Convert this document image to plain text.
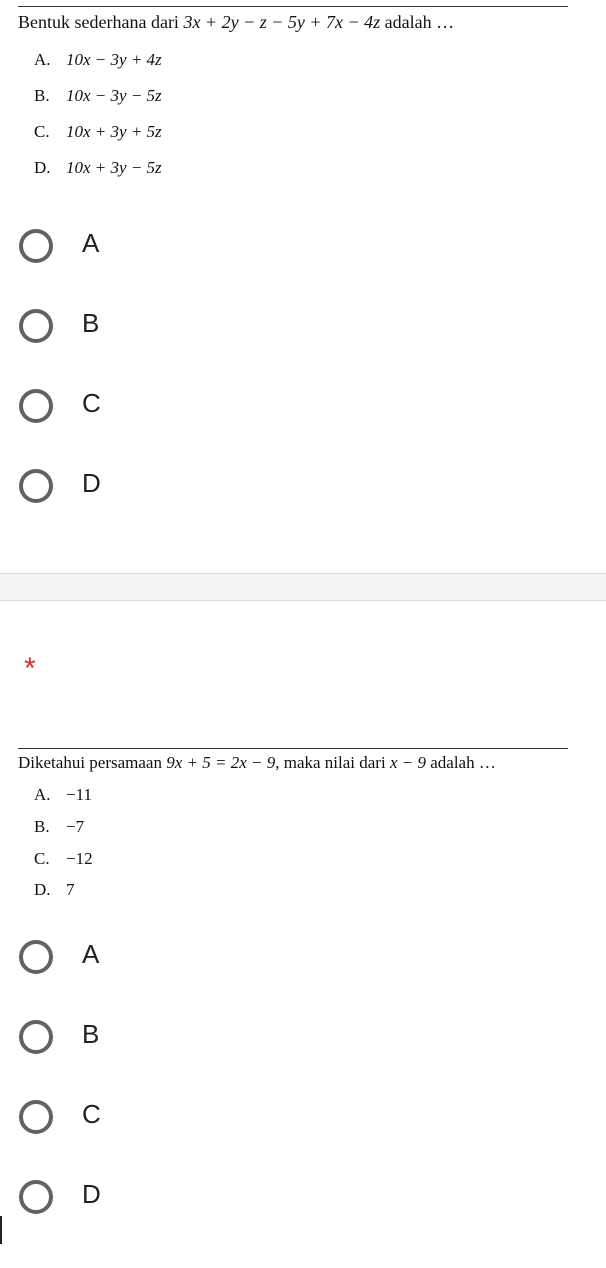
Bentuk sederhana dari 3x + 2y − z − 5y + 7x − 4z adalah …
A. 10x − 3y + 4z
B. 10x − 3y − 5z
C. 10x + 3y + 5z
D. 10x + 3y − 5z
A
B
C
D
*
Diketahui persamaan 9x + 5 = 2x − 9, maka nilai dari x − 9 adalah …
A. −11
B. −7
C. −12
D. 7
A
B
C
D
